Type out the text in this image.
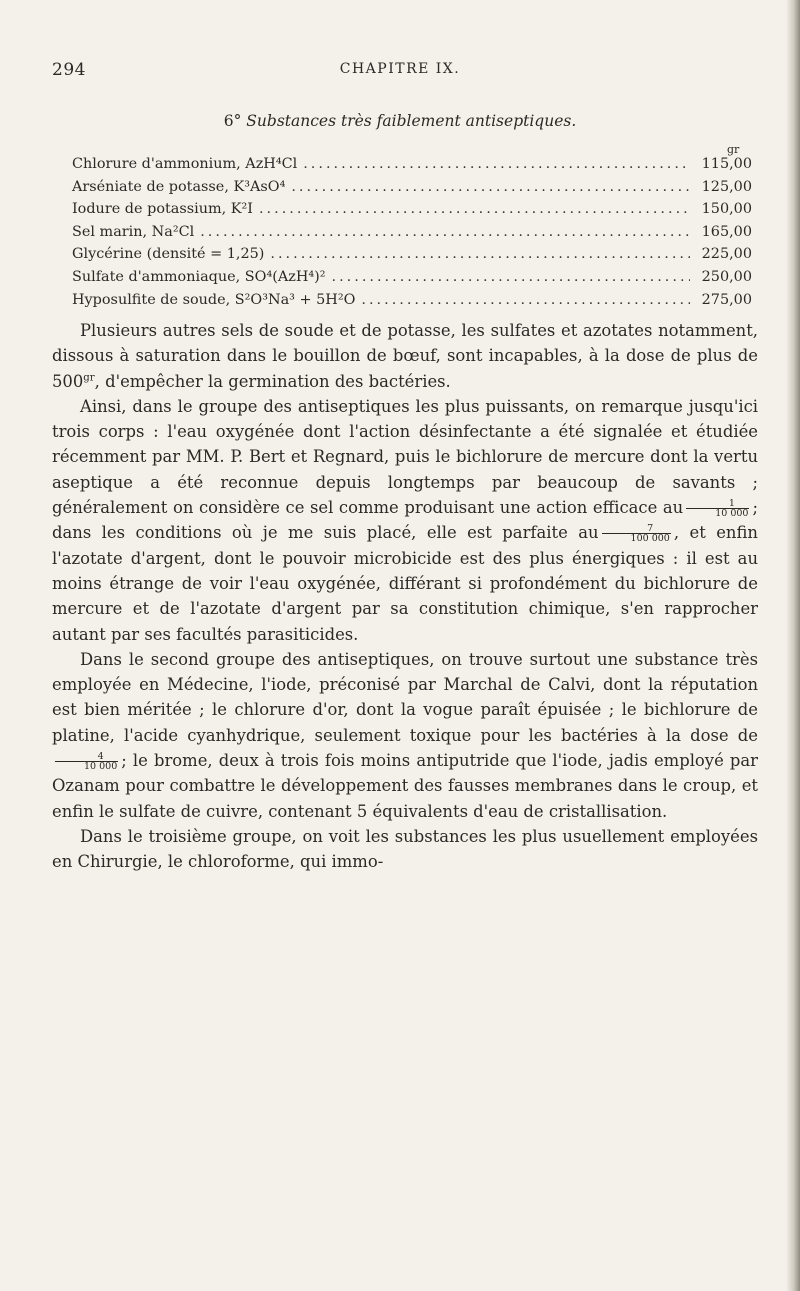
294	CHAPITRE IX.
6° Substances très faiblement antiseptiques.
gr
Chlorure d'ammonium, AzH⁴Cl .....	115,00
Arséniate de potasse, K³AsO⁴ .....	125,00
Iodure de potassium, K²I .....	150,00
Sel marin, Na²Cl .....	165,00
Glycérine (densité = 1,25) .....	225,00
Sulfate d'ammoniaque, SO⁴(AzH⁴)² .....	250,00
Hyposulfite de soude, S²O³Na³ + 5H²O .....	275,00

Plusieurs autres sels de soude et de potasse, les sulfates et azotates notamment, dissous à saturation dans le bouillon de bœuf, sont incapables, à la dose de plus de $500^{gr}$, d'empêcher la germination des bactéries.

Ainsi, dans le groupe des antiseptiques les plus puissants, on remarque jusqu'ici trois corps : l'eau oxygénée dont l'action désinfectante a été signalée et étudiée récemment par MM. P. Bert et Regnard, puis le bichlorure de mercure dont la vertu aseptique a été reconnue depuis longtemps par beaucoup de savants ; généralement on considère ce sel comme produisant une action efficace au $\frac{1}{10 000}$ ; dans les conditions où je me suis placé, elle est parfaite au $\frac{7}{100 000}$ , et enfin l'azotate d'argent, dont le pouvoir microbicide est des plus énergiques : il est au moins étrange de voir l'eau oxygénée, différant si profondément du bichlorure de mercure et de l'azotate d'argent par sa constitution chimique, s'en rapprocher autant par ses facultés parasiticides.

Dans le second groupe des antiseptiques, on trouve surtout une substance très employée en Médecine, l'iode, préconisé par Marchal de Calvi, dont la réputation est bien méritée ; le chlorure d'or, dont la vogue paraît épuisée ; le bichlorure de platine, l'acide cyanhydrique, seulement toxique pour les bactéries à la dose de
$\frac{4}{10 000}$ ; le brome, deux à trois fois moins antiputride que l'iode, jadis employé par Ozanam pour combattre le développement des fausses membranes dans le croup, et enfin le sulfate de cuivre, contenant 5 équivalents d'eau de cristallisation.

Dans le troisième groupe, on voit les substances les plus usuellement employées en Chirurgie, le chloroforme, qui immo-
